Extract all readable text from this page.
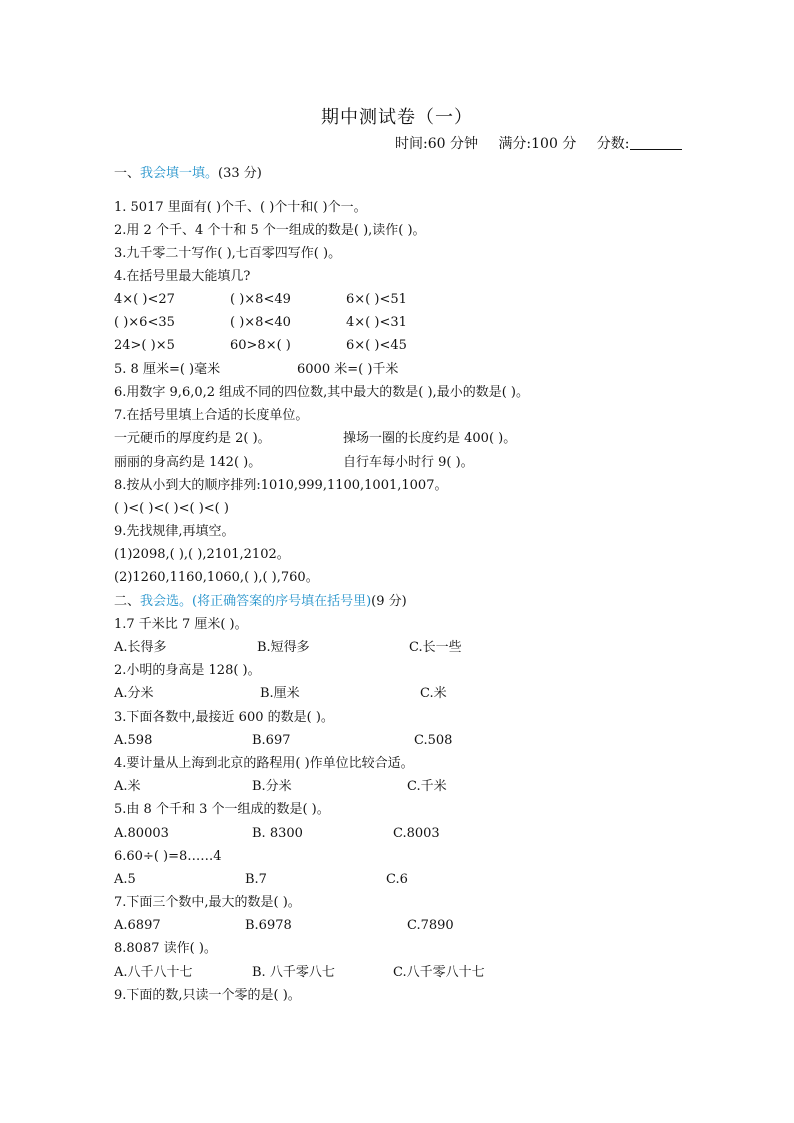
期中测试卷（一）
时间:60 分钟 满分:100 分 分数:
一、我会填一填。(33 分)
1. 5017 里面有( )个千、( )个十和( )个一。
2.用 2 个千、4 个十和 5 个一组成的数是( ),读作( )。
3.九千零二十写作( ),七百零四写作( )。
4.在括号里最大能填几?
4×( )<27	( )×8<49	6×( )<51
( )×6<35	( )×8<40	4×( )<31
24>( )×5	60>8×( )	6×( )<45
5. 8 厘米=( )毫米	6000 米=( )千米
6.用数字 9,6,0,2 组成不同的四位数,其中最大的数是( ),最小的数是( )。
7.在括号里填上合适的长度单位。
一元硬币的厚度约是 2( )。	操场一圈的长度约是 400( )。
丽丽的身高约是 142( )。	自行车每小时行 9( )。
8.按从小到大的顺序排列:1010,999,1100,1001,1007。
( )<( )<( )<( )<( )
9.先找规律,再填空。
(1)2098,( ),( ),2101,2102。
(2)1260,1160,1060,( ),( ),760。
二、我会选。(将正确答案的序号填在括号里)(9 分)
1.7 千米比 7 厘米( )。
A.长得多	B.短得多	C.长一些
2.小明的身高是 128( )。
A.分米	B.厘米	C.米
3.下面各数中,最接近 600 的数是( )。
A.598	B.697	C.508
4.要计量从上海到北京的路程用( )作单位比较合适。
A.米	B.分米	C.千米
5.由 8 个千和 3 个一组成的数是( )。
A.80003	B. 8300	C.8003
6.60÷( )=8……4
A.5	B.7	C.6
7.下面三个数中,最大的数是( )。
A.6897	B.6978	C.7890
8.8087 读作( )。
A.八千八十七	B. 八千零八七	C.八千零八十七
9.下面的数,只读一个零的是( )。
